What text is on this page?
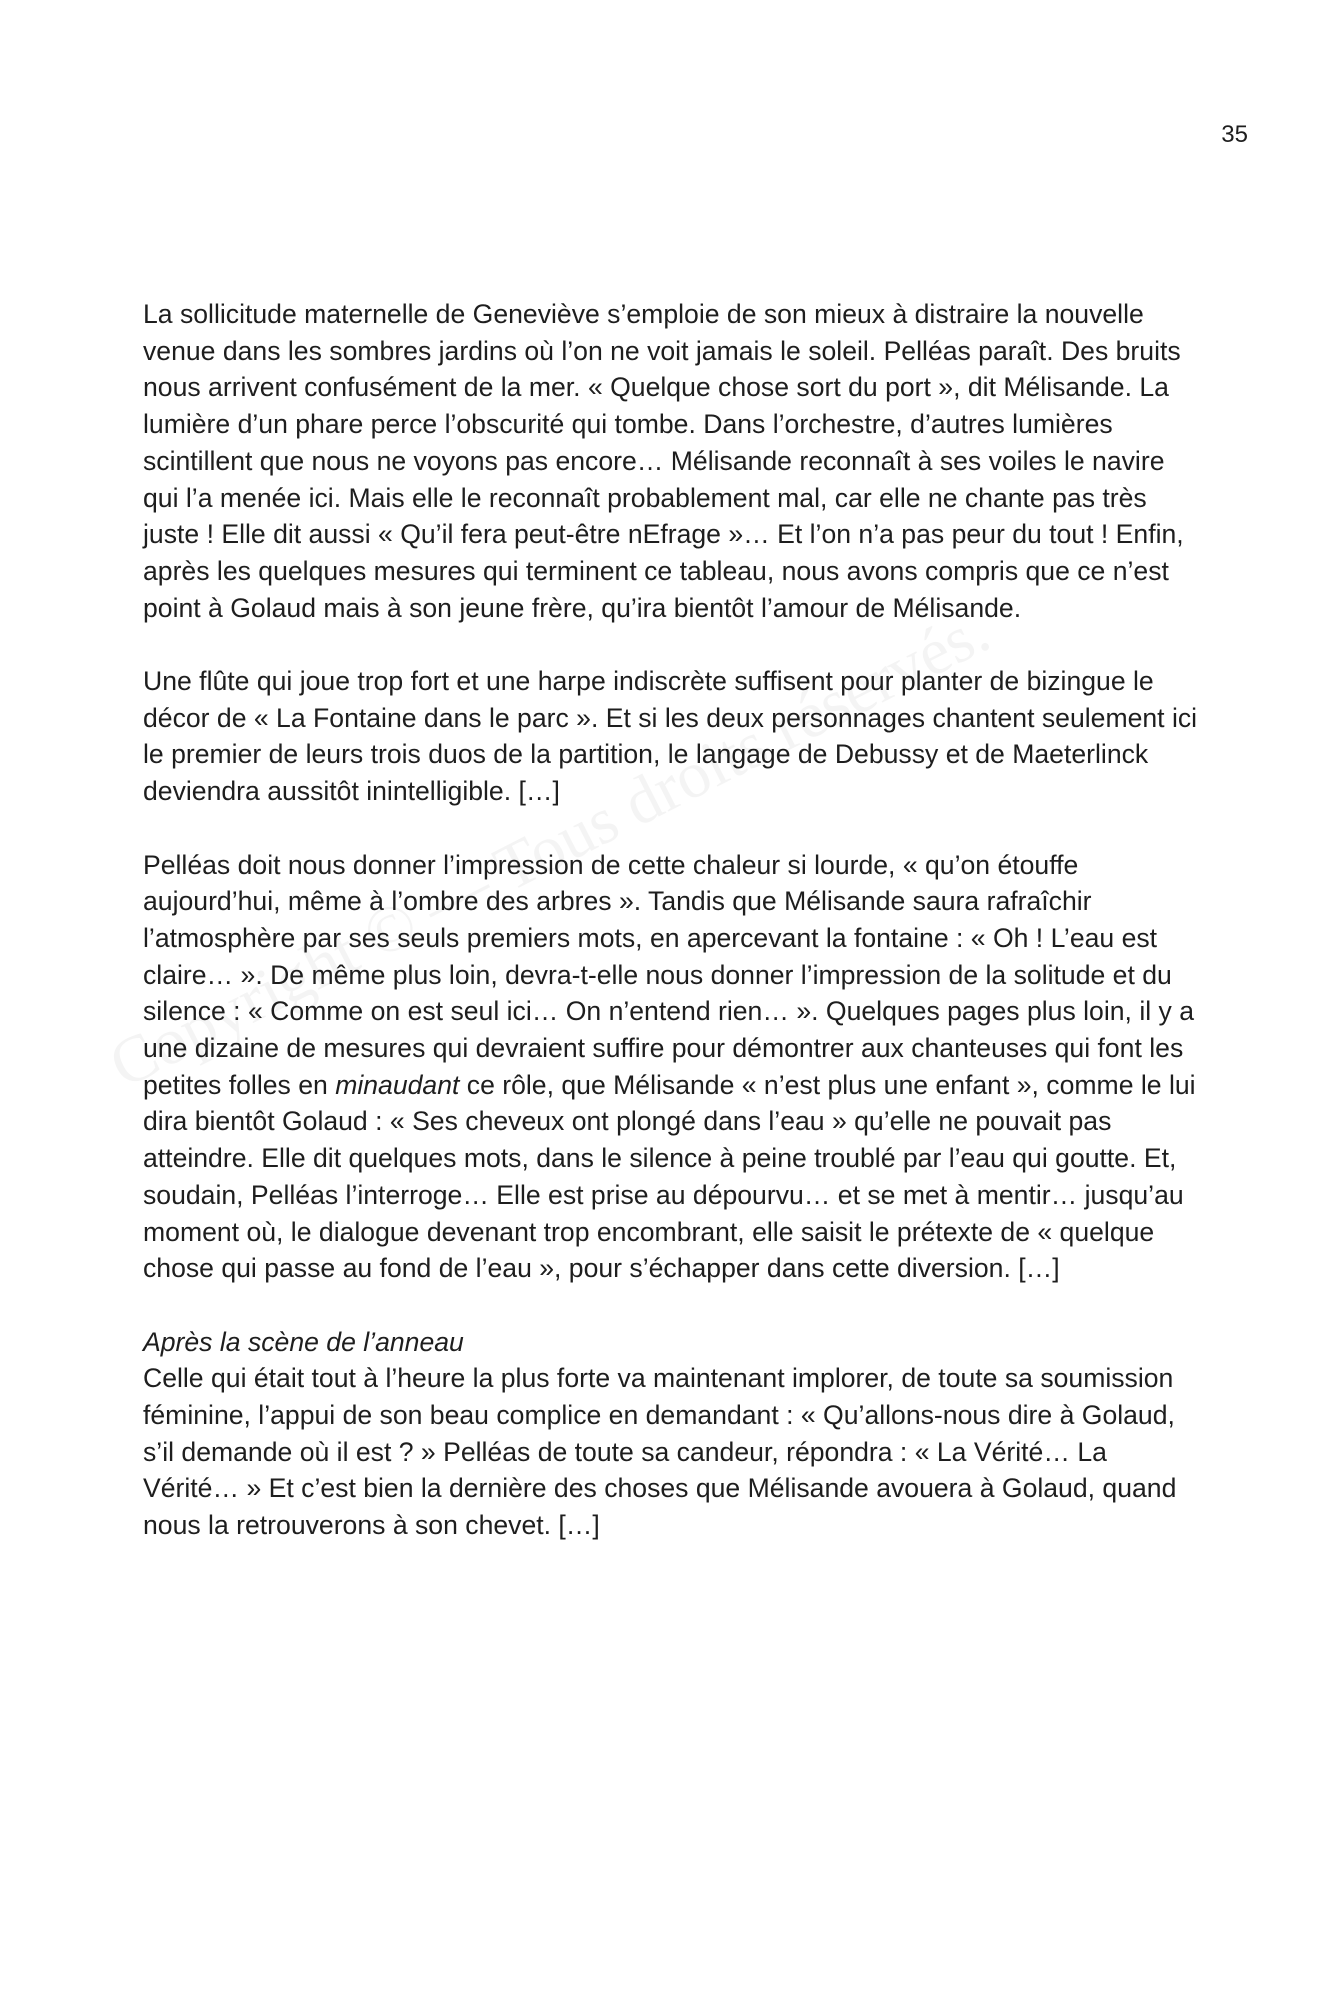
35

La sollicitude maternelle de Geneviève s’emploie de son mieux à distraire la nouvelle venue dans les sombres jardins où l’on ne voit jamais le soleil. Pelléas paraît. Des bruits nous arrivent confusément de la mer. « Quelque chose sort du port », dit Mélisande. La lumière d’un phare perce l’obscurité qui tombe. Dans l’orchestre, d’autres lumières scintillent que nous ne voyons pas encore… Mélisande reconnaît à ses voiles le navire qui l’a menée ici. Mais elle le reconnaît probablement mal, car elle ne chante pas très juste ! Elle dit aussi « Qu’il fera peut-être nEfrage »… Et l’on n’a pas peur du tout ! Enfin, après les quelques mesures qui terminent ce tableau, nous avons compris que ce n’est point à Golaud mais à son jeune frère, qu’ira bientôt l’amour de Mélisande.

Une flûte qui joue trop fort et une harpe indiscrète suffisent pour planter de bizingue le décor de « La Fontaine dans le parc ». Et si les deux personnages chantent seulement ici le premier de leurs trois duos de la partition, le langage de Debussy et de Maeterlinck deviendra aussitôt inintelligible. […]

Pelléas doit nous donner l’impression de cette chaleur si lourde, « qu’on étouffe aujourd’hui, même à l’ombre des arbres ». Tandis que Mélisande saura rafraîchir l’atmosphère par ses seuls premiers mots, en apercevant la fontaine : « Oh ! L’eau est claire… ». De même plus loin, devra-t-elle nous donner l’impression de la solitude et du silence : « Comme on est seul ici… On n’entend rien… ». Quelques pages plus loin, il y a une dizaine de mesures qui devraient suffire pour démontrer aux chanteuses qui font les petites folles en minaudant ce rôle, que Mélisande « n’est plus une enfant », comme le lui dira bientôt Golaud : « Ses cheveux ont plongé dans l’eau » qu’elle ne pouvait pas atteindre. Elle dit quelques mots, dans le silence à peine troublé par l’eau qui goutte. Et, soudain, Pelléas l’interroge… Elle est prise au dépourvu… et se met à mentir… jusqu’au moment où, le dialogue devenant trop encombrant, elle saisit le prétexte de « quelque chose qui passe au fond de l’eau », pour s’échapper dans cette diversion. […]

Après la scène de l’anneau

Celle qui était tout à l’heure la plus forte va maintenant implorer, de toute sa soumission féminine, l’appui de son beau complice en demandant : « Qu’allons-nous dire à Golaud, s’il demande où il est ? » Pelléas de toute sa candeur, répondra : « La Vérité… La Vérité… » Et c’est bien la dernière des choses que Mélisande avouera à Golaud, quand nous la retrouverons à son chevet. […]
